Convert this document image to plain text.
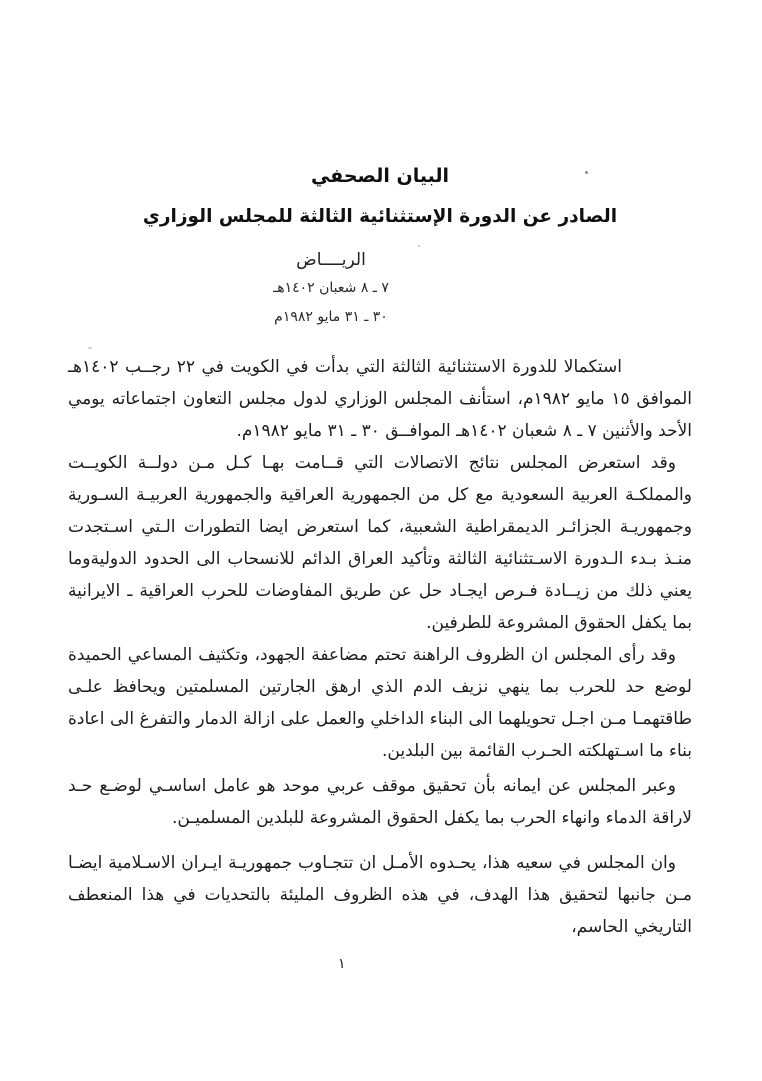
البيان الصحفي
الصادر عن الدورة الإستثنائية الثالثة للمجلس الوزاري
الريــــاض
٧ ـ ٨ شعبان ١٤٠٢هـ
٣٠ ـ ٣١ مايو ١٩٨٢م

استكمالا للدورة الاستثنائية الثالثة التي بدأت في الكويت في ٢٢ رجــب ١٤٠٢هـ الموافق ١٥ مايو ١٩٨٢م، استأنف المجلس الوزاري لدول مجلس التعاون اجتماعاته يومي الأحد والأثنين ٧ ـ ٨ شعبان ١٤٠٢هـ الموافــق ٣٠ ـ ٣١ مايو ١٩٨٢م.

وقد استعرض المجلس نتائج الاتصالات التي قــامت بهـا كـل مـن دولــة الكويــت والمملكـة العربية السعودية مع كل من الجمهورية العراقية والجمهورية العربيـة السـورية وجمهوريـة الجزائـر الديمقراطية الشعبية، كما استعرض ايضا التطورات الـتي اسـتجدت منـذ بـدء الـدورة الاسـتثنائية الثالثة وتأكيد العراق الدائم للانسحاب الى الحدود الدوليةوما يعني ذلك من زيــادة فـرص ايجـاد حل عن طريق المفاوضات للحرب العراقية ـ الايرانية بما يكفل الحقوق المشروعة للطرفين.

وقد رأى المجلس ان الظروف الراهنة تحتم مضاعفة الجهود، وتكثيف المساعي الحميدة لوضع حد للحرب بما ينهي نزيف الدم الذي ارهق الجارتين المسلمتين ويحافظ علـى طاقتهمـا مـن اجـل تحويلهما الى البناء الداخلي والعمل على ازالة الدمار والتفرغ الى اعادة بناء ما اسـتهلكته الحـرب القائمة بين البلدين.

وعبر المجلس عن ايمانه بأن تحقيق موقف عربي موحد هو عامل اساسـي لوضـع حـد لاراقة الدماء وانهاء الحرب بما يكفل الحقوق المشروعة للبلدين المسلميـن.

وان المجلس في سعيه هذا، يحـدوه الأمـل ان تتجـاوب جمهوريـة ايـران الاسـلامية ايضـا مـن جانبها لتحقيق هذا الهدف، في هذه الظروف المليئة بالتحديات في هذا المنعطف التاريخي الحاسم،

١
